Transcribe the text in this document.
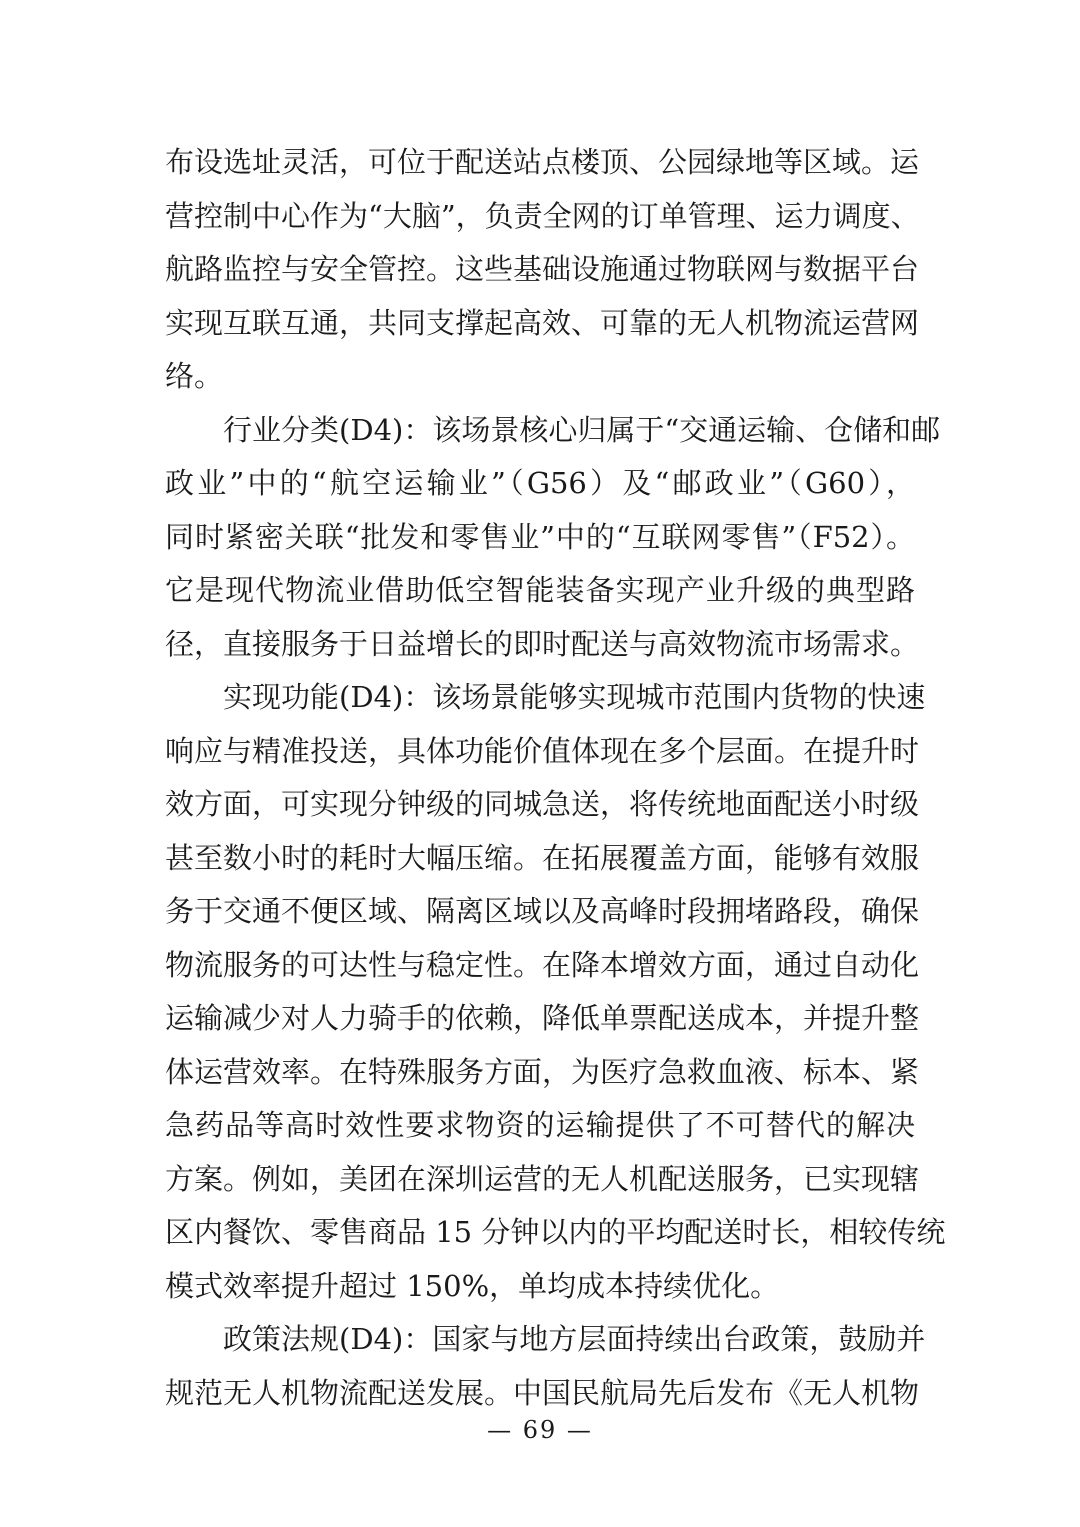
布设选址灵活，可位于配送站点楼顶、公园绿地等区域。运
营控制中心作为“大脑”，负责全网的订单管理、运力调度、
航路监控与安全管控。这些基础设施通过物联网与数据平台
实现互联互通，共同支撑起高效、可靠的无人机物流运营网
络。
行业分类(D4)：该场景核心归属于“交通运输、仓储和邮
政业”中的“航空运输业”（G56）及“邮政业”（G60），
同时紧密关联“批发和零售业”中的“互联网零售”（F52）。
它是现代物流业借助低空智能装备实现产业升级的典型路
径，直接服务于日益增长的即时配送与高效物流市场需求。
实现功能(D4)：该场景能够实现城市范围内货物的快速
响应与精准投送，具体功能价值体现在多个层面。在提升时
效方面，可实现分钟级的同城急送，将传统地面配送小时级
甚至数小时的耗时大幅压缩。在拓展覆盖方面，能够有效服
务于交通不便区域、隔离区域以及高峰时段拥堵路段，确保
物流服务的可达性与稳定性。在降本增效方面，通过自动化
运输减少对人力骑手的依赖，降低单票配送成本，并提升整
体运营效率。在特殊服务方面，为医疗急救血液、标本、紧
急药品等高时效性要求物资的运输提供了不可替代的解决
方案。例如，美团在深圳运营的无人机配送服务，已实现辖
区内餐饮、零售商品 15 分钟以内的平均配送时长，相较传统
模式效率提升超过 150%，单均成本持续优化。
政策法规(D4)：国家与地方层面持续出台政策，鼓励并
规范无人机物流配送发展。中国民航局先后发布《无人机物
— 69 —
